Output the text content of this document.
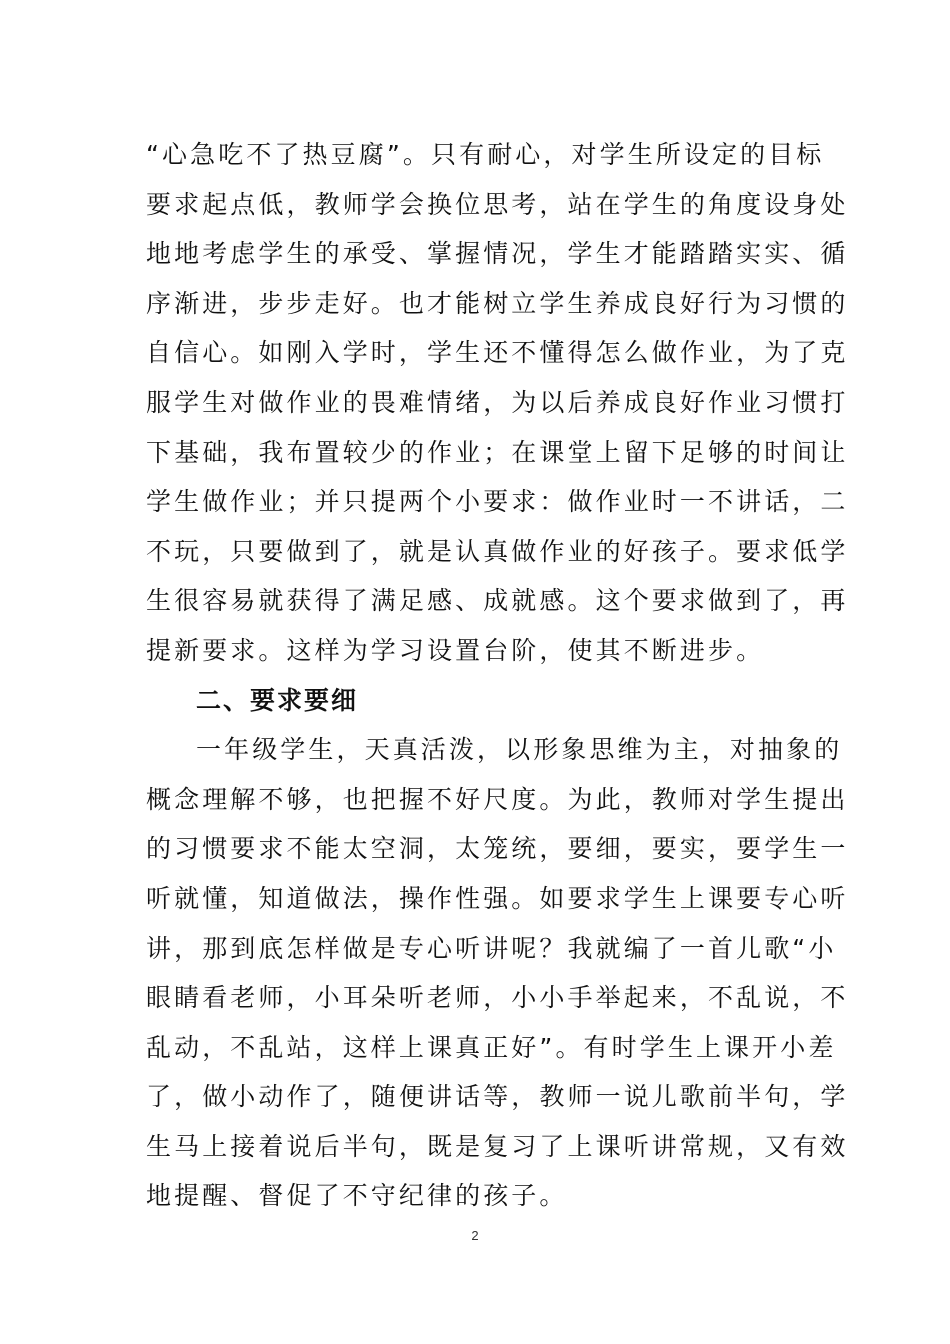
“心急吃不了热豆腐”。只有耐心，对学生所设定的目标
要求起点低，教师学会换位思考，站在学生的角度设身处
地地考虑学生的承受、掌握情况，学生才能踏踏实实、循
序渐进，步步走好。也才能树立学生养成良好行为习惯的
自信心。如刚入学时，学生还不懂得怎么做作业，为了克
服学生对做作业的畏难情绪，为以后养成良好作业习惯打
下基础，我布置较少的作业；在课堂上留下足够的时间让
学生做作业；并只提两个小要求：做作业时一不讲话，二
不玩，只要做到了，就是认真做作业的好孩子。要求低学
生很容易就获得了满足感、成就感。这个要求做到了，再
提新要求。这样为学习设置台阶，使其不断进步。
二、要求要细
一年级学生，天真活泼，以形象思维为主，对抽象的
概念理解不够，也把握不好尺度。为此，教师对学生提出
的习惯要求不能太空洞，太笼统，要细，要实，要学生一
听就懂，知道做法，操作性强。如要求学生上课要专心听
讲，那到底怎样做是专心听讲呢？我就编了一首儿歌“小
眼睛看老师，小耳朵听老师，小小手举起来，不乱说，不
乱动，不乱站，这样上课真正好”。有时学生上课开小差
了，做小动作了，随便讲话等，教师一说儿歌前半句，学
生马上接着说后半句，既是复习了上课听讲常规，又有效
地提醒、督促了不守纪律的孩子。
2
